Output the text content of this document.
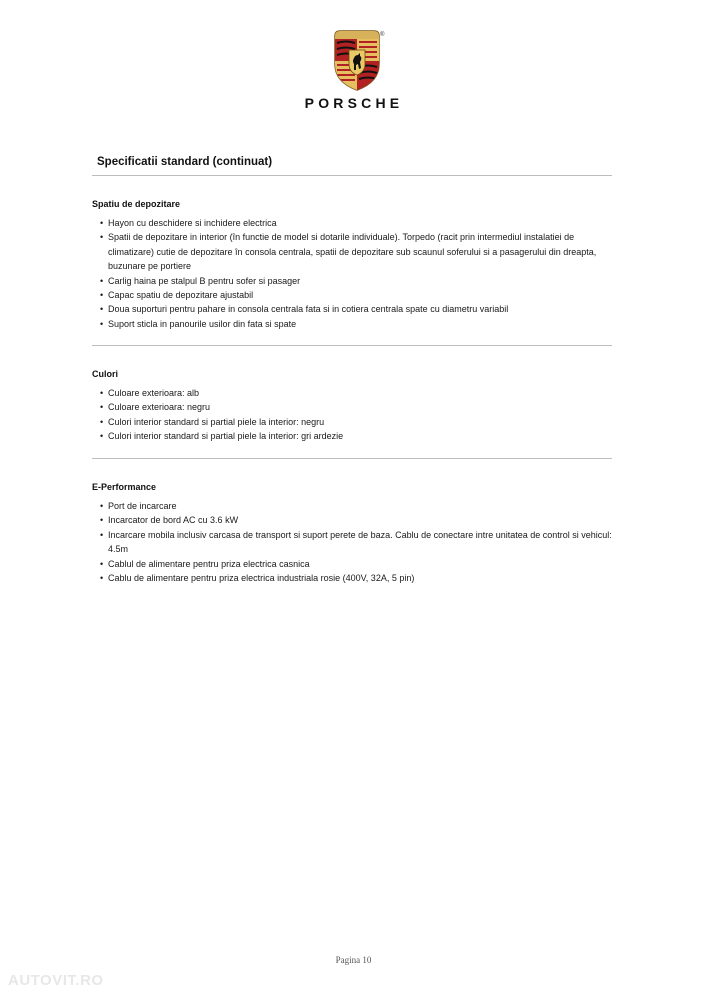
®
PORSCHE
Specificatii standard (continuat)
Spatiu de depozitare
• Hayon cu deschidere si inchidere electrica
• Spatii de depozitare in interior (în functie de model si dotarile individuale). Torpedo (racit prin intermediul instalatiei de climatizare) cutie de depozitare în consola centrala, spatii de depozitare sub scaunul soferului si a pasagerului din dreapta, buzunare pe portiere
• Carlig haina pe stalpul B pentru sofer si pasager
• Capac spatiu de depozitare ajustabil
• Doua suporturi pentru pahare in consola centrala fata si in cotiera centrala spate cu diametru variabil
• Suport sticla in panourile usilor din fata si spate
Culori
• Culoare exterioara: alb
• Culoare exterioara: negru
• Culori interior standard si partial piele la interior: negru
• Culori interior standard si partial piele la interior: gri ardezie
E-Performance
• Port de incarcare
• Incarcator de bord AC cu 3.6 kW
• Incarcare mobila inclusiv carcasa de transport si suport perete de baza. Cablu de conectare intre unitatea de control si vehicul: 4.5m
• Cablul de alimentare pentru priza electrica casnica
• Cablu de alimentare pentru priza electrica industriala rosie (400V, 32A, 5 pin)
Pagina 10
AUTOVIT.RO
